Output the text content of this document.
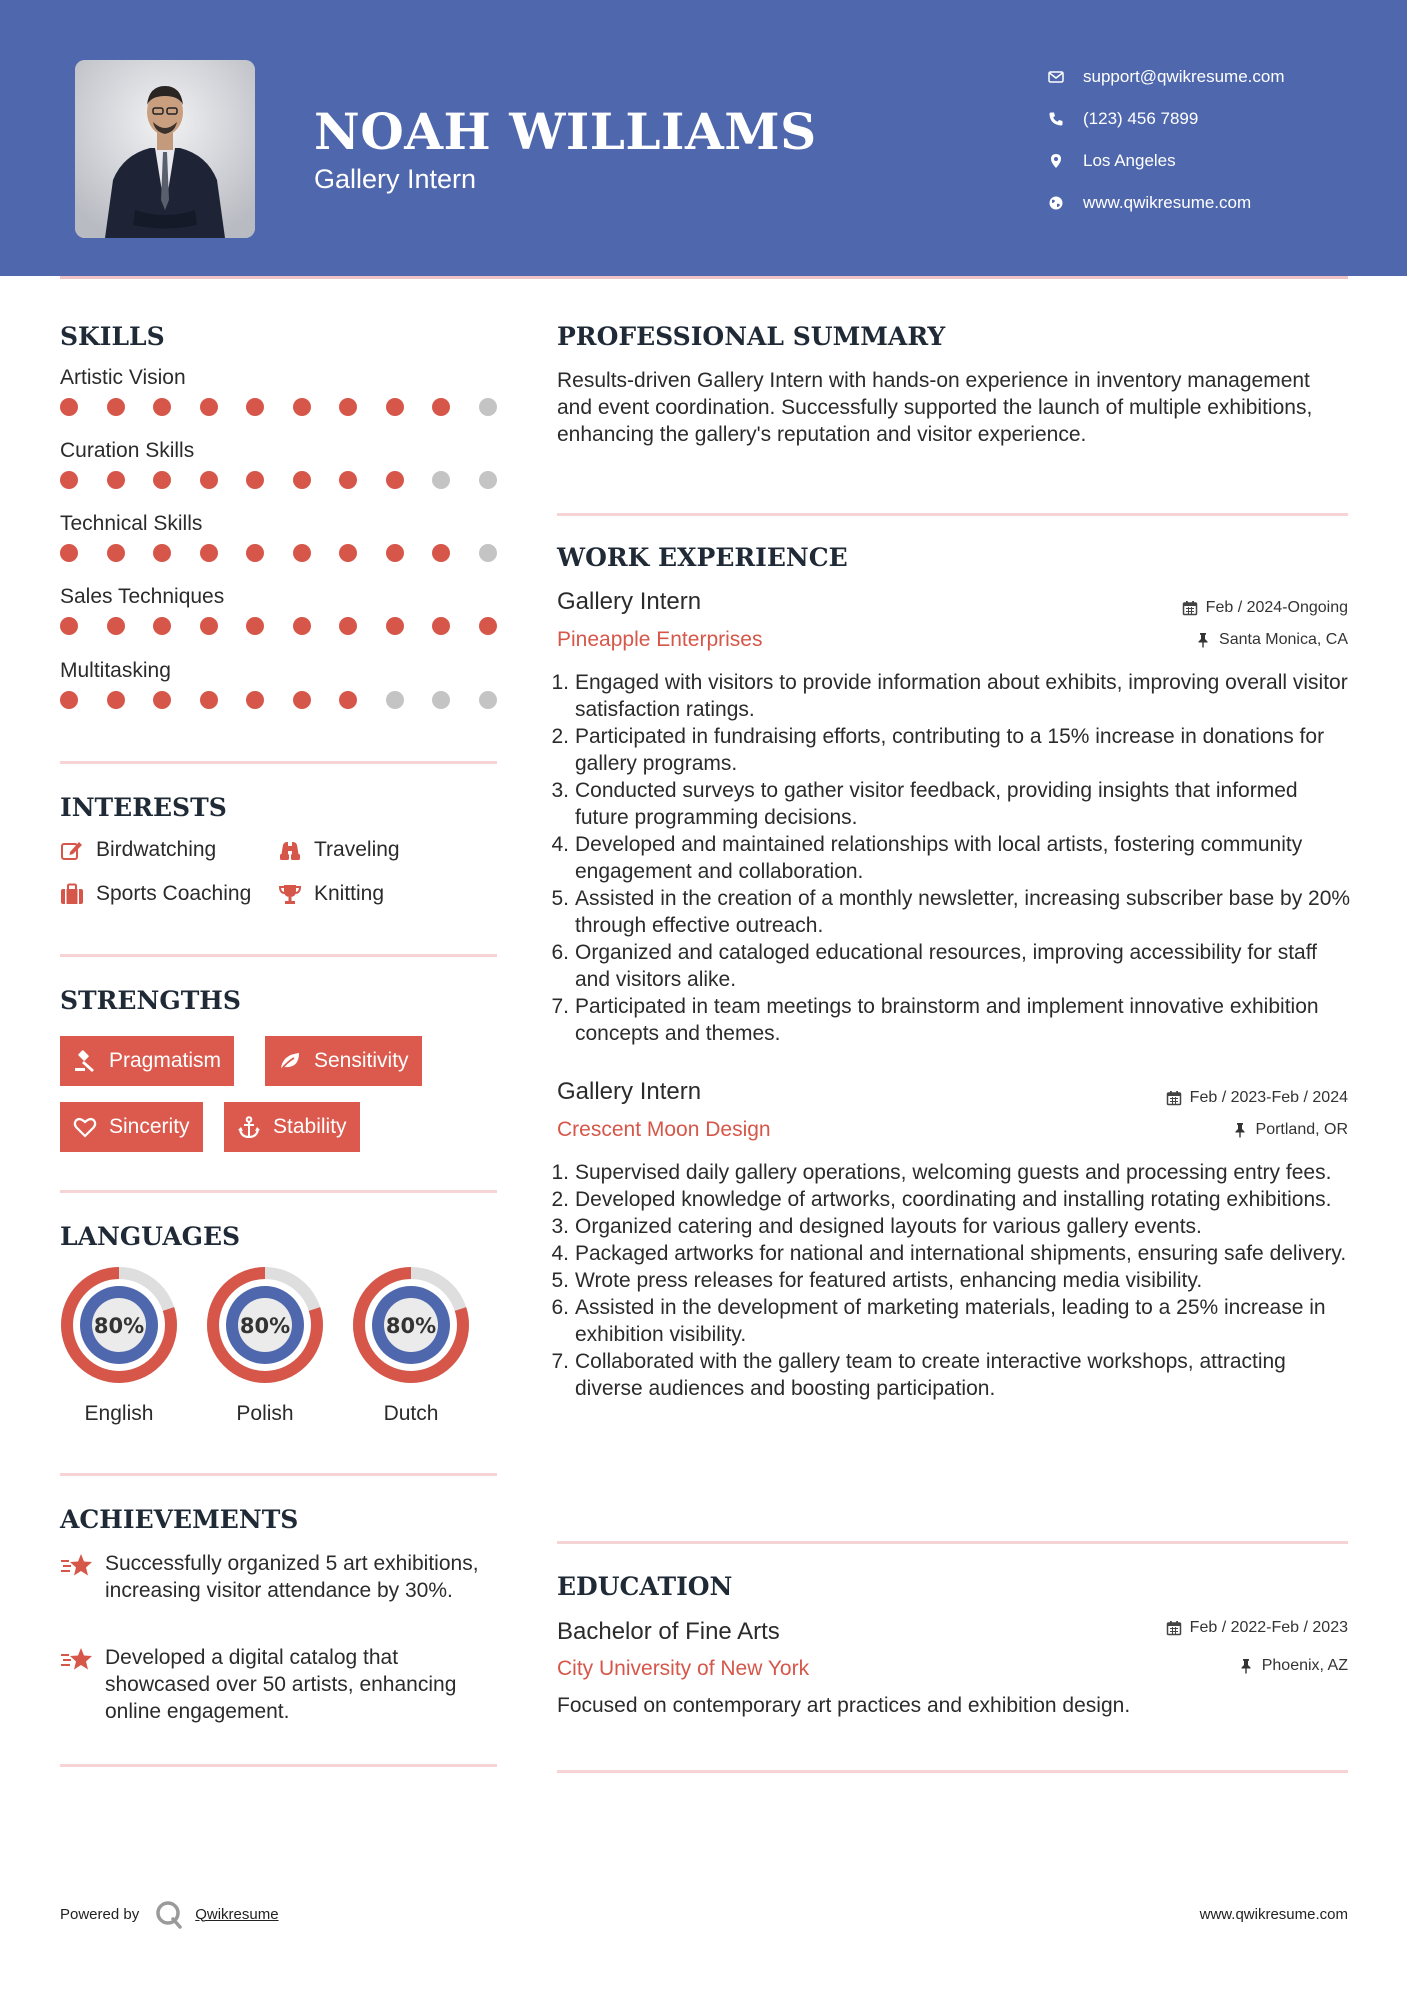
NOAH WILLIAMS
Gallery Intern
support@qwikresume.com
(123) 456 7899
Los Angeles
www.qwikresume.com
SKILLS
Artistic Vision
Curation Skills
Technical Skills
Sales Techniques
Multitasking
INTERESTS
Birdwatching	Traveling
Sports Coaching	Knitting
STRENGTHS
Pragmatism	Sensitivity
Sincerity	Stability
LANGUAGES
80%
English
80%
Polish
80%
Dutch
ACHIEVEMENTS
Successfully organized 5 art exhibitions, increasing visitor attendance by 30%.
Developed a digital catalog that showcased over 50 artists, enhancing online engagement.
PROFESSIONAL SUMMARY
Results-driven Gallery Intern with hands-on experience in inventory management and event coordination. Successfully supported the launch of multiple exhibitions, enhancing the gallery's reputation and visitor experience.
WORK EXPERIENCE
Gallery Intern	Feb / 2024-Ongoing
Pineapple Enterprises	Santa Monica, CA
1. Engaged with visitors to provide information about exhibits, improving overall visitor satisfaction ratings.
2. Participated in fundraising efforts, contributing to a 15% increase in donations for gallery programs.
3. Conducted surveys to gather visitor feedback, providing insights that informed future programming decisions.
4. Developed and maintained relationships with local artists, fostering community engagement and collaboration.
5. Assisted in the creation of a monthly newsletter, increasing subscriber base by 20% through effective outreach.
6. Organized and cataloged educational resources, improving accessibility for staff and visitors alike.
7. Participated in team meetings to brainstorm and implement innovative exhibition concepts and themes.
Gallery Intern	Feb / 2023-Feb / 2024
Crescent Moon Design	Portland, OR
1. Supervised daily gallery operations, welcoming guests and processing entry fees.
2. Developed knowledge of artworks, coordinating and installing rotating exhibitions.
3. Organized catering and designed layouts for various gallery events.
4. Packaged artworks for national and international shipments, ensuring safe delivery.
5. Wrote press releases for featured artists, enhancing media visibility.
6. Assisted in the development of marketing materials, leading to a 25% increase in exhibition visibility.
7. Collaborated with the gallery team to create interactive workshops, attracting diverse audiences and boosting participation.
EDUCATION
Bachelor of Fine Arts	Feb / 2022-Feb / 2023
City University of New York	Phoenix, AZ
Focused on contemporary art practices and exhibition design.
Powered by	Qwikresume	www.qwikresume.com
